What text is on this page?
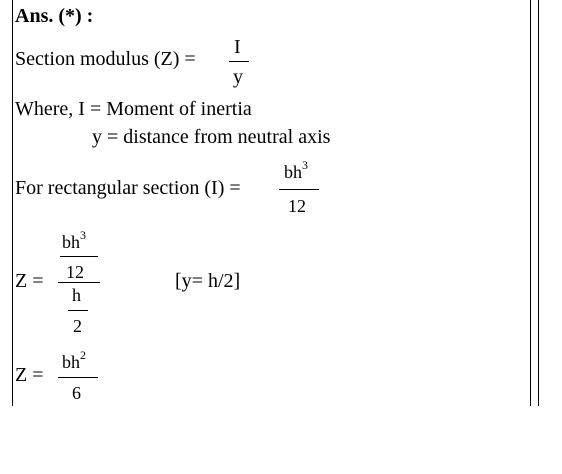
Ans. (*) :
Section modulus (Z) =
I
y
Where, I = Moment of inertia
y = distance from neutral axis
For rectangular section (I) =
$bh^3$
12
$bh^3$
12
Z =
h
2
[y= h/2]
Z =
$bh^2$
6
